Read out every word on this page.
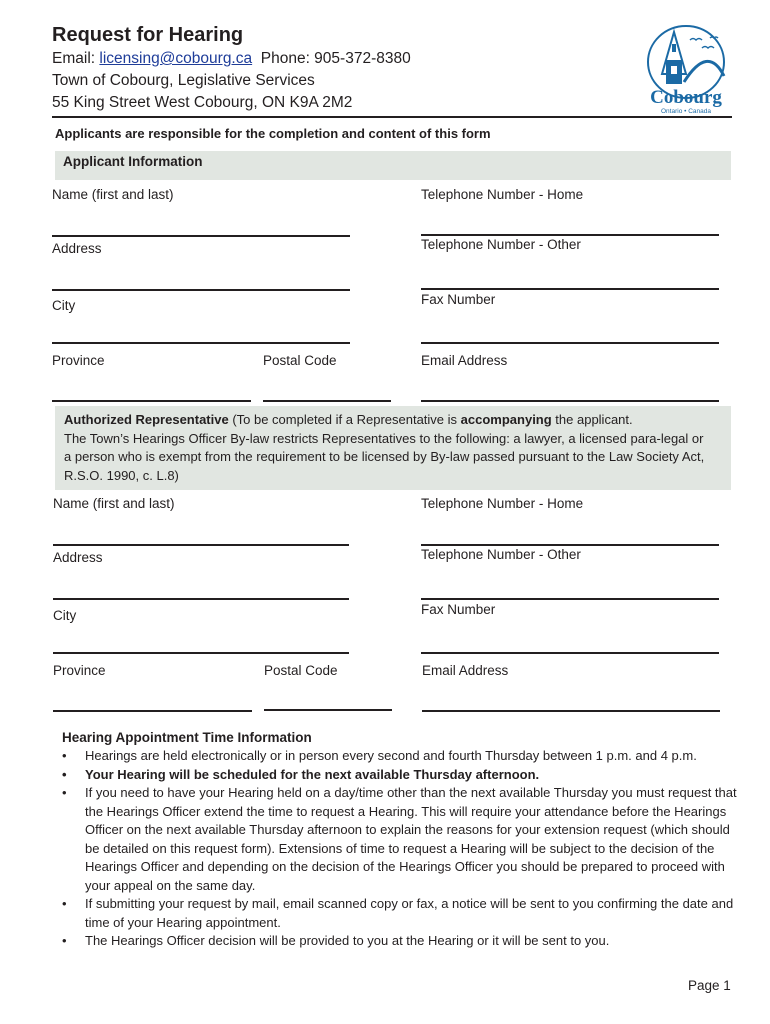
Request for Hearing
Email: licensing@cobourg.ca Phone: 905-372-8380
Town of Cobourg, Legislative Services
55 King Street West Cobourg, ON K9A 2M2	Cobourg
Ontario • Canada
Applicants are responsible for the completion and content of this form
Applicant Information
Name (first and last)	Telephone Number - Home
Address	Telephone Number - Other
City	Fax Number
Province	Postal Code	Email Address

Authorized Representative (To be completed if a Representative is accompanying the applicant.
The Town’s Hearings Officer By-law restricts Representatives to the following: a lawyer, a licensed para-legal or a person who is exempt from the requirement to be licensed by By-law passed pursuant to the Law Society Act, R.S.O. 1990, c. L.8)

Name (first and last)	Telephone Number - Home
Address	Telephone Number - Other
City	Fax Number
Province	Postal Code	Email Address
Hearing Appointment Time Information
• Hearings are held electronically or in person every second and fourth Thursday between 1 p.m. and 4 p.m.
• Your Hearing will be scheduled for the next available Thursday afternoon.
• If you need to have your Hearing held on a day/time other than the next available Thursday you must request that the Hearings Officer extend the time to request a Hearing. This will require your attendance before the Hearings Officer on the next available Thursday afternoon to explain the reasons for your extension request (which should be detailed on this request form). Extensions of time to request a Hearing will be subject to the decision of the Hearings Officer and depending on the decision of the Hearings Officer you should be prepared to proceed with your appeal on the same day.
• If submitting your request by mail, email scanned copy or fax, a notice will be sent to you confirming the date and time of your Hearing appointment.
• The Hearings Officer decision will be provided to you at the Hearing or it will be sent to you.
Page 1
